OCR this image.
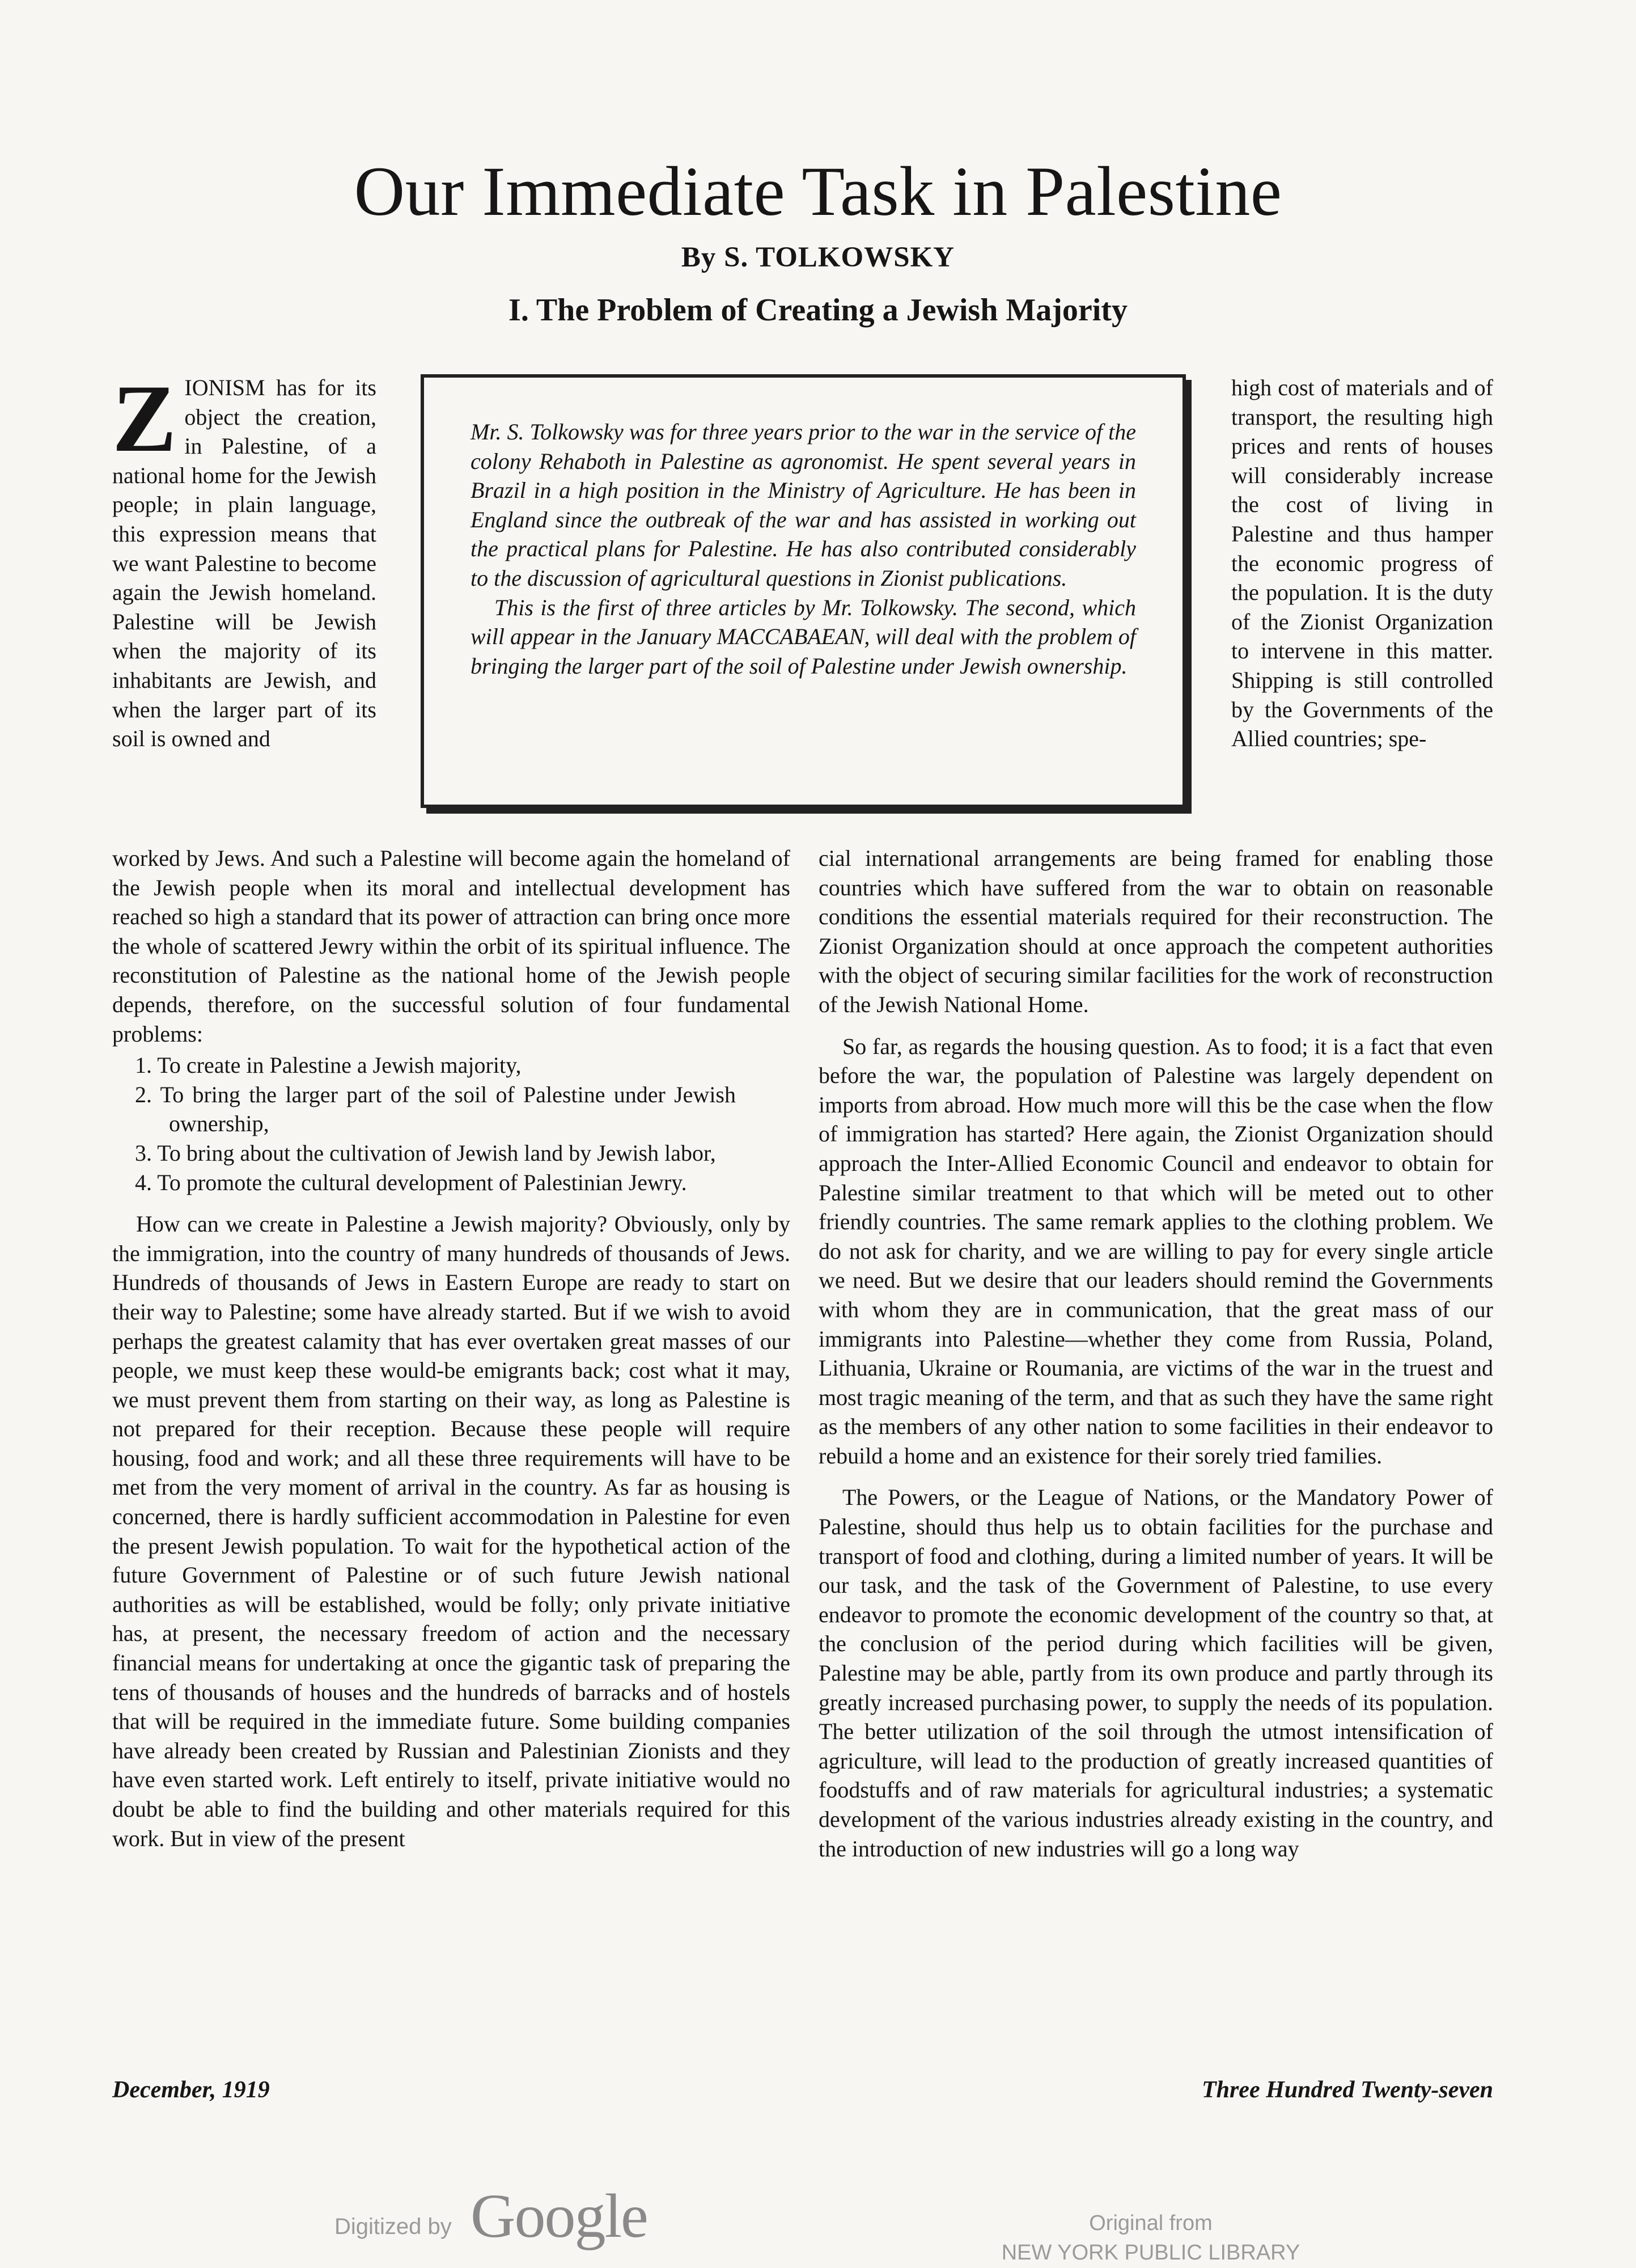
Our Immediate Task in Palestine
By S. TOLKOWSKY
I. The Problem of Creating a Jewish Majority
Z IONISM has for its object the creation, in Palestine, of a national home for the Jewish people; in plain language, this expression means that we want Palestine to become again the Jewish homeland. Palestine will be Jewish when the majority of its inhabitants are Jewish, and when the larger part of its soil is owned and

Mr. S. Tolkowsky was for three years prior to the war in the service of the colony Rehaboth in Palestine as agronomist. He spent several years in Brazil in a high position in the Ministry of Agriculture. He has been in England since the outbreak of the war and has assisted in working out the practical plans for Palestine. He has also contributed considerably to the discussion of agricultural questions in Zionist publications.

This is the first of three articles by Mr. Tolkowsky. The second, which will appear in the January MACCABAEAN, will deal with the problem of bringing the larger part of the soil of Palestine under Jewish ownership.

high cost of materials and of transport, the resulting high prices and rents of houses will considerably increase the cost of living in Palestine and thus hamper the economic progress of the population. It is the duty of the Zionist Organization to intervene in this matter. Shipping is still controlled by the Governments of the Allied countries; spe-

worked by Jews. And such a Palestine will become again the homeland of the Jewish people when its moral and intellectual development has reached so high a standard that its power of attraction can bring once more the whole of scattered Jewry within the orbit of its spiritual influence. The reconstitution of Palestine as the national home of the Jewish people depends, therefore, on the successful solution of four fundamental problems:

1. To create in Palestine a Jewish majority,

2. To bring the larger part of the soil of Palestine under Jewish ownership,

3. To bring about the cultivation of Jewish land by Jewish labor,

4. To promote the cultural development of Palestinian Jewry.

How can we create in Palestine a Jewish majority? Obviously, only by the immigration, into the country of many hundreds of thousands of Jews. Hundreds of thousands of Jews in Eastern Europe are ready to start on their way to Palestine; some have already started. But if we wish to avoid perhaps the greatest calamity that has ever overtaken great masses of our people, we must keep these would-be emigrants back; cost what it may, we must prevent them from starting on their way, as long as Palestine is not prepared for their reception. Because these people will require housing, food and work; and all these three requirements will have to be met from the very moment of arrival in the country. As far as housing is concerned, there is hardly sufficient accommodation in Palestine for even the present Jewish population. To wait for the hypothetical action of the future Government of Palestine or of such future Jewish national authorities as will be established, would be folly; only private initiative has, at present, the necessary freedom of action and the necessary financial means for undertaking at once the gigantic task of preparing the tens of thousands of houses and the hundreds of barracks and of hostels that will be required in the immediate future. Some building companies have already been created by Russian and Palestinian Zionists and they have even started work. Left entirely to itself, private initiative would no doubt be able to find the building and other materials required for this work. But in view of the present

cial international arrangements are being framed for enabling those countries which have suffered from the war to obtain on reasonable conditions the essential materials required for their reconstruction. The Zionist Organization should at once approach the competent authorities with the object of securing similar facilities for the work of reconstruction of the Jewish National Home.

So far, as regards the housing question. As to food; it is a fact that even before the war, the population of Palestine was largely dependent on imports from abroad. How much more will this be the case when the flow of immigration has started? Here again, the Zionist Organization should approach the Inter-Allied Economic Council and endeavor to obtain for Palestine similar treatment to that which will be meted out to other friendly countries. The same remark applies to the clothing problem. We do not ask for charity, and we are willing to pay for every single article we need. But we desire that our leaders should remind the Governments with whom they are in communication, that the great mass of our immigrants into Palestine—whether they come from Russia, Poland, Lithuania, Ukraine or Roumania, are victims of the war in the truest and most tragic meaning of the term, and that as such they have the same right as the members of any other nation to some facilities in their endeavor to rebuild a home and an existence for their sorely tried families.

The Powers, or the League of Nations, or the Mandatory Power of Palestine, should thus help us to obtain facilities for the purchase and transport of food and clothing, during a limited number of years. It will be our task, and the task of the Government of Palestine, to use every endeavor to promote the economic development of the country so that, at the conclusion of the period during which facilities will be given, Palestine may be able, partly from its own produce and partly through its greatly increased purchasing power, to supply the needs of its population. The better utilization of the soil through the utmost intensification of agriculture, will lead to the production of greatly increased quantities of foodstuffs and of raw materials for agricultural industries; a systematic development of the various industries already existing in the country, and the introduction of new industries will go a long way

December, 1919	Three Hundred Twenty-seven
Digitized by Google	Original from
NEW YORK PUBLIC LIBRARY
